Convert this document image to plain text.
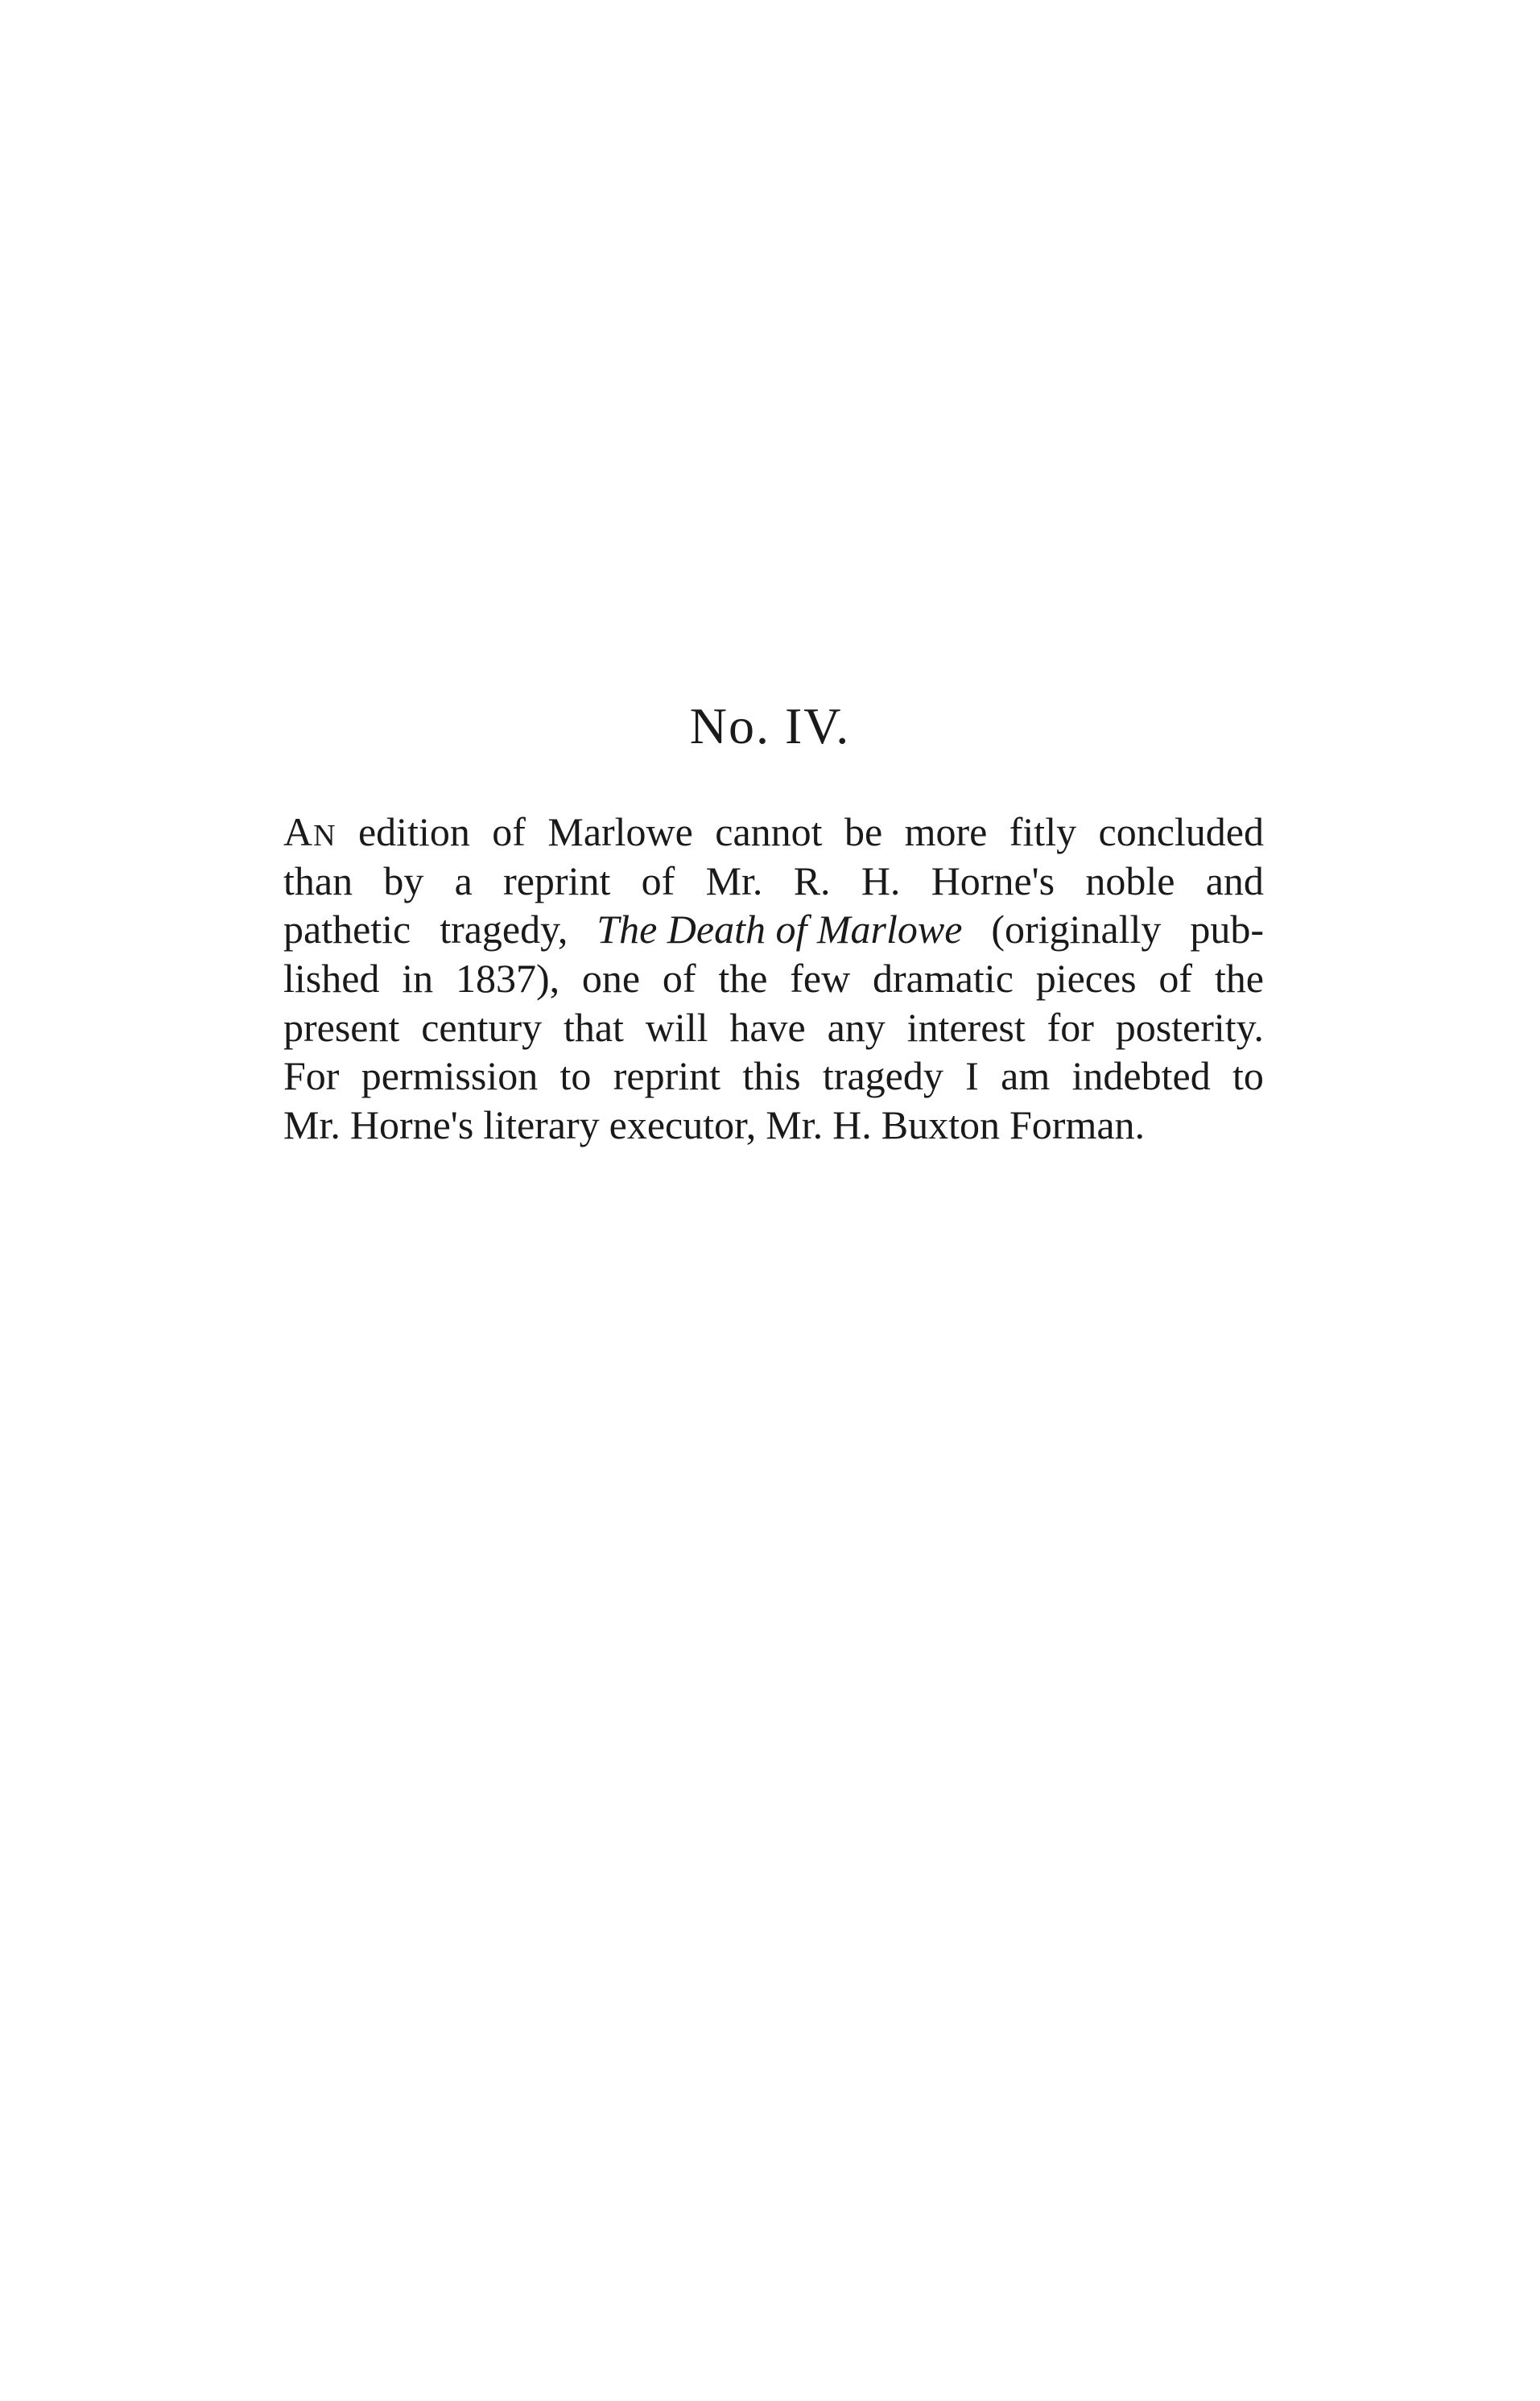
No. IV.
AN edition of Marlowe cannot be more fitly concluded
than by a reprint of Mr. R. H. Horne's noble and
pathetic tragedy, The Death of Marlowe (originally pub-
lished in 1837), one of the few dramatic pieces of the
present century that will have any interest for posterity.
For permission to reprint this tragedy I am indebted to
Mr. Horne's literary executor, Mr. H. Buxton Forman.
